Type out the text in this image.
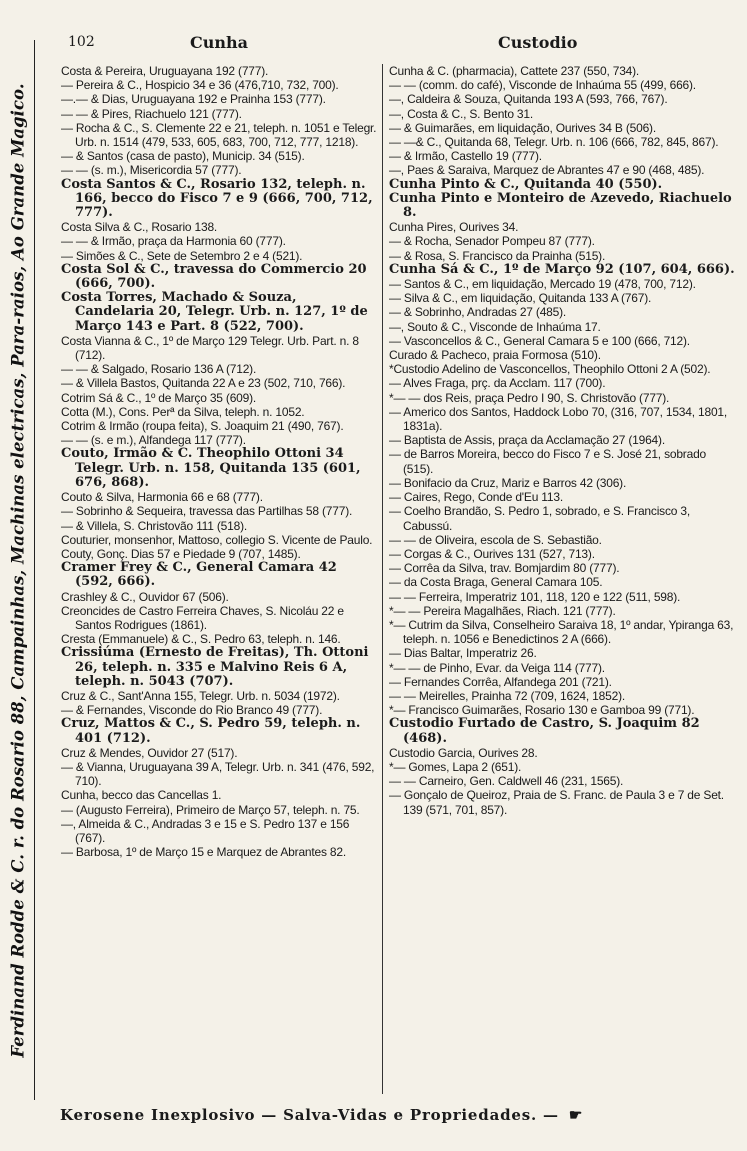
Ferdinand Rodde & C. r. do Rosario 88, Campainhas, Machinas electricas, Para-raios, Ao Grande Magico.
102	Cunha	Custodio
Costa & Pereira, Uruguayana 192 (777).
— Pereira & C., Hospicio 34 e 36 (476,710, 732, 700).
—.— & Dias, Uruguayana 192 e Prainha 153 (777).
— — & Pires, Riachuelo 121 (777).
— Rocha & C., S. Clemente 22 e 21, teleph. n. 1051 e Telegr. Urb. n. 1514 (479, 533, 605, 683, 700, 712, 777, 1218).
— & Santos (casa de pasto), Municip. 34 (515).
— — (s. m.), Misericordia 57 (777).
Costa Santos & C., Rosario 132, teleph. n. 166, becco do Fisco 7 e 9 (666, 700, 712, 777).
Costa Silva & C., Rosario 138.
— — & Irmão, praça da Harmonia 60 (777).
— Simões & C., Sete de Setembro 2 e 4 (521).
Costa Sol & C., travessa do Commercio 20 (666, 700).
Costa Torres, Machado & Souza, Candelaria 20, Telegr. Urb. n. 127, 1º de Março 143 e Part. 8 (522, 700).
Costa Vianna & C., 1º de Março 129 Telegr. Urb. Part. n. 8 (712).
— — & Salgado, Rosario 136 A (712).
— & Villela Bastos, Quitanda 22 A e 23 (502, 710, 766).
Cotrim Sá & C., 1º de Março 35 (609).
Cotta (M.), Cons. Perª da Silva, teleph. n. 1052.
Cotrim & Irmão (roupa feita), S. Joaquim 21 (490, 767).
— — (s. e m.), Alfandega 117 (777).
Couto, Irmão & C. Theophilo Ottoni 34 Telegr. Urb. n. 158, Quitanda 135 (601, 676, 868).
Couto & Silva, Harmonia 66 e 68 (777).
— Sobrinho & Sequeira, travessa das Partilhas 58 (777).
— & Villela, S. Christovão 111 (518).
Couturier, monsenhor, Mattoso, collegio S. Vicente de Paulo.
Couty, Gonç. Dias 57 e Piedade 9 (707, 1485).
Cramer Frey & C., General Camara 42 (592, 666).
Crashley & C., Ouvidor 67 (506).
Creoncides de Castro Ferreira Chaves, S. Nicoláu 22 e Santos Rodrigues (1861).
Cresta (Emmanuele) & C., S. Pedro 63, teleph. n. 146.
Crissiúma (Ernesto de Freitas), Th. Ottoni 26, teleph. n. 335 e Malvino Reis 6 A, teleph. n. 5043 (707).
Cruz & C., Sant'Anna 155, Telegr. Urb. n. 5034 (1972).
— & Fernandes, Visconde do Rio Branco 49 (777).
Cruz, Mattos & C., S. Pedro 59, teleph. n. 401 (712).
Cruz & Mendes, Ouvidor 27 (517).
— & Vianna, Uruguayana 39 A, Telegr. Urb. n. 341 (476, 592, 710).
Cunha, becco das Cancellas 1.
— (Augusto Ferreira), Primeiro de Março 57, teleph. n. 75.
—, Almeida & C., Andradas 3 e 15 e S. Pedro 137 e 156 (767).
— Barbosa, 1º de Março 15 e Marquez de Abrantes 82.
Cunha & C. (pharmacia), Cattete 237 (550, 734).
— — (comm. do café), Visconde de Inhaúma 55 (499, 666).
—, Caldeira & Souza, Quitanda 193 A (593, 766, 767).
—, Costa & C., S. Bento 31.
— & Guimarães, em liquidação, Ourives 34 B (506).
— —& C., Quitanda 68, Telegr. Urb. n. 106 (666, 782, 845, 867).
— & Irmão, Castello 19 (777).
—, Paes & Saraiva, Marquez de Abrantes 47 e 90 (468, 485).
Cunha Pinto & C., Quitanda 40 (550).
Cunha Pinto e Monteiro de Azevedo, Riachuelo 8.
Cunha Pires, Ourives 34.
— & Rocha, Senador Pompeu 87 (777).
— & Rosa, S. Francisco da Prainha (515).
Cunha Sá & C., 1º de Março 92 (107, 604, 666).
— Santos & C., em liquidação, Mercado 19 (478, 700, 712).
— Silva & C., em liquidação, Quitanda 133 A (767).
— & Sobrinho, Andradas 27 (485).
—, Souto & C., Visconde de Inhaúma 17.
— Vasconcellos & C., General Camara 5 e 100 (666, 712).
Curado & Pacheco, praia Formosa (510).
*Custodio Adelino de Vasconcellos, Theophilo Ottoni 2 A (502).
— Alves Fraga, prç. da Acclam. 117 (700).
*— — dos Reis, praça Pedro I 90, S. Christovão (777).
— Americo dos Santos, Haddock Lobo 70, (316, 707, 1534, 1801, 1831a).
— Baptista de Assis, praça da Acclamação 27 (1964).
— de Barros Moreira, becco do Fisco 7 e S. José 21, sobrado (515).
— Bonifacio da Cruz, Mariz e Barros 42 (306).
— Caires, Rego, Conde d'Eu 113.
— Coelho Brandão, S. Pedro 1, sobrado, e S. Francisco 3, Cabussú.
— — de Oliveira, escola de S. Sebastião.
— Corgas & C., Ourives 131 (527, 713).
— Corrêa da Silva, trav. Bomjardim 80 (777).
— da Costa Braga, General Camara 105.
— — Ferreira, Imperatriz 101, 118, 120 e 122 (511, 598).
*— — Pereira Magalhães, Riach. 121 (777).
*— Cutrim da Silva, Conselheiro Saraiva 18, 1º andar, Ypiranga 63, teleph. n. 1056 e Benedictinos 2 A (666).
— Dias Baltar, Imperatriz 26.
*— — de Pinho, Evar. da Veiga 114 (777).
— Fernandes Corrêa, Alfandega 201 (721).
— — Meirelles, Prainha 72 (709, 1624, 1852).
*— Francisco Guimarães, Rosario 130 e Gamboa 99 (771).
Custodio Furtado de Castro, S. Joaquim 82 (468).
Custodio Garcia, Ourives 28.
*— Gomes, Lapa 2 (651).
— — Carneiro, Gen. Caldwell 46 (231, 1565).
— Gonçalo de Queiroz, Praia de S. Franc. de Paula 3 e 7 de Set. 139 (571, 701, 857).
Kerosene Inexplosivo — Salva-Vidas e Propriedades. — ☛
